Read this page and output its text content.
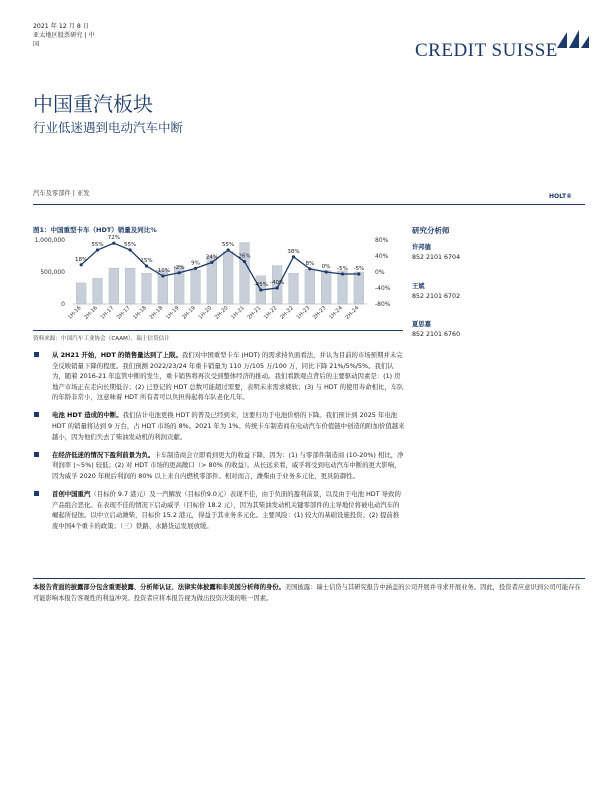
2021 年 12 月 8 日
亚太地区股票研究 | 中
国	CREDIT SUISSE
中国重汽板块
行业低迷遇到电动汽车中断
汽车及零部件 | 亚发	HOLT®
图1：中国重型卡车（HDT）销量及同比%
1,000,000
500,000
0
80%
40%
0%
-40%
-80%
18%
55%
72%
55%
15%
-10%
-2%
9%
24%
55%
26%
-45% -40%
38%
8%
0% -5% -5%
1H-16 2H-16 1H-17 2H-17 1H-18 2H-18 1H-19 2H-19 1H-20 2H-20 1H-21 2H-21 1H-22 2H-22 1H-23 2H-23 1H-24 2H-24
资料来源：中国汽车工业协会（CAAM）、瑞士信贷估计
研究分析师
许邦德
852 2101 6704
王斌
852 2101 6702
夏思嘉
852 2101 6760
从 2H21 开始，HDT 的销售量达到了上限。我们对中国重型卡车 (HDT) 的需求持负面看法，并认为目前的市场预期并未完全反映销量下降的程度。我们预测 2022/23/24 年重卡销量为 110 万/105 万/100 万，同比下降 21%/5%/5%。我们认为，随着 2016-21 年监管中断的发生，重卡销售将再次受到整体经济的推动。我们看跌观点背后的主要驱动因素是：(1) 房地产市场正在走向长期低谷；(2) 已登记的 HDT 总数可能超过需要，表明未来需求疲软；(3) 与 HDT 的使用寿命相比，车队的年龄非常小，这意味着 HDT 所有者可以负担得起将车队老化几年。
电池 HDT 造成的中断。我们估计电池更换 HDT 的普及已经到来，这要归功于电池价格的下降。我们预计到 2025 年电池 HDT 的销量将达到 9 万台，占 HDT 市场的 8%。2021 年为 1%。传统卡车制造商在电动汽车价值链中创造的附加价值越来越小，因为他们失去了柴油发动机的利润贡献。
在经济低迷的情况下盈利前景为负。卡车制造商会立即看到更大的收益下降，因为：(1) 与零部件制造商 (10-20%) 相比，净利润率 (~5%) 较低；(2) 对 HDT 市场的更高敞口（> 80% 的收益）。从长远来看，威孚将受到电动汽车中断的更大影响，因为威孚 2020 年税后利润的 80% 以上来自内燃机零部件。相对而言，潍柴由于业务多元化，更具防御性。
首创中国重汽（目标价 9.7 港元）及一汽解放（目标价9.0元）表现不佳，由于负面的盈利前景，以及由于电池 HDT 导致的产品组合恶化。在表现不佳的情况下启动威孚（目标价 18.2 元），因为其柴油发动机关键零部件的主导地位将被电动汽车的崛起所侵蚀。以中立启动潍柴，目标价 15.2 港元，得益于其业务多元化。主要风险：(1) 较大的基础设施投资；(2) 提前推废中国4个重卡的政策；（三）铁路、水路货运发展放缓。
本报告背面的披露部分包含重要披露、分析师认证、法律实体披露和非美国分析师的身份。美国披露：瑞士信贷与其研究报告中涵盖的公司开展并寻求开展业务。因此，投资者应意识到公司可能存在可能影响本报告客观性的利益冲突。投资者应将本报告视为做出投资决策的唯一因素。
